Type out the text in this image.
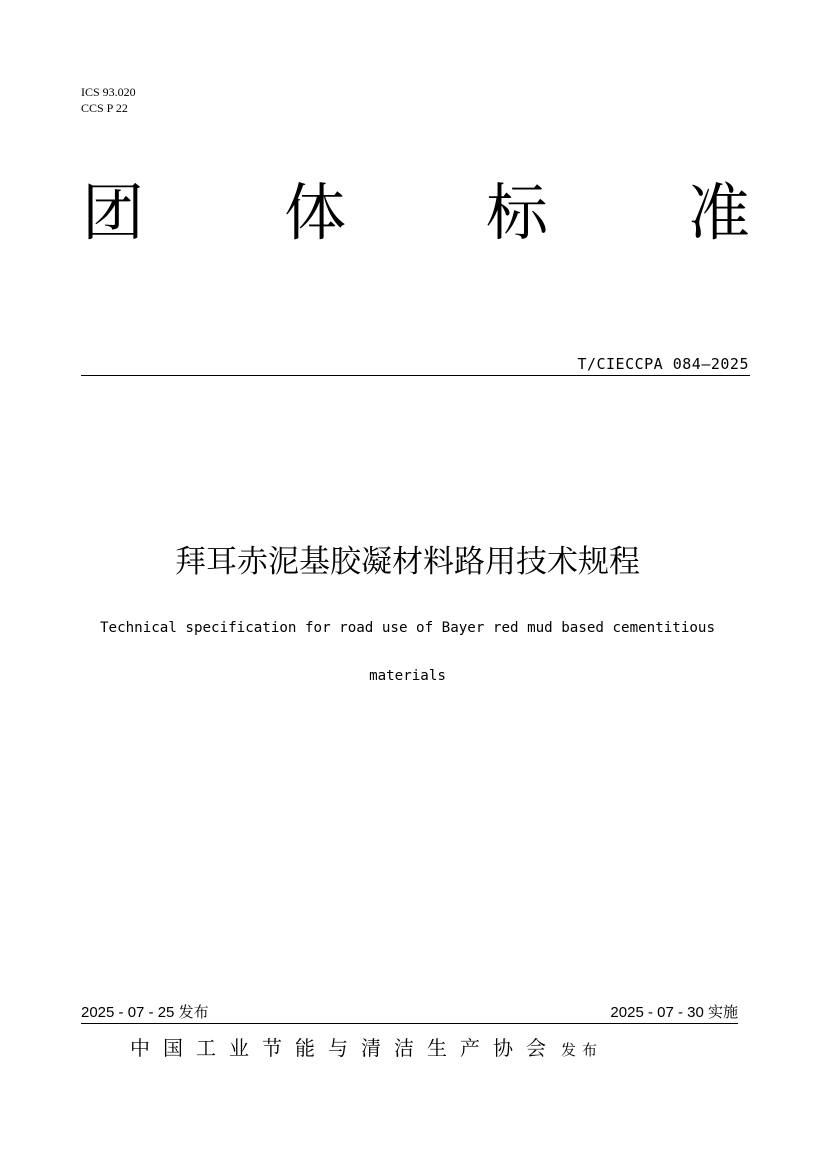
ICS 93.020
CCS P 22
团 体 标 准
T/CIECCPA 084—2025
拜耳赤泥基胶凝材料路用技术规程
Technical specification for road use of Bayer red mud based cementitious materials
2025 - 07 - 25 发布	2025 - 07 - 30 实施
中国工业节能与清洁生产协会 发布
